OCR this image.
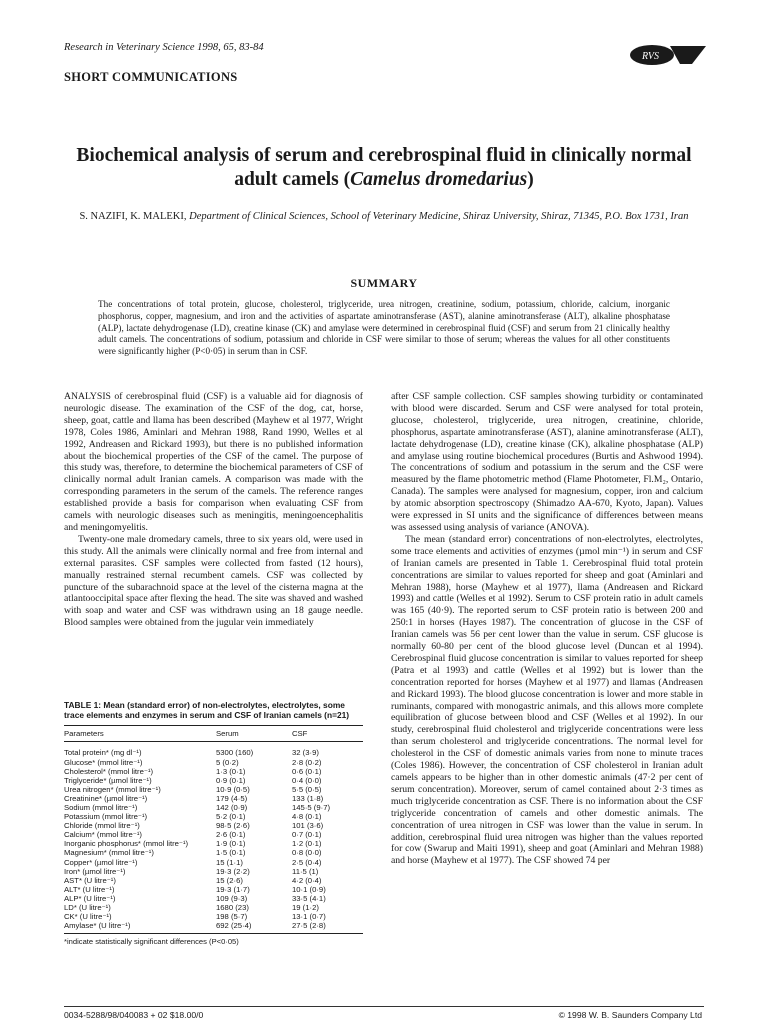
Research in Veterinary Science 1998, 65, 83-84
RVS
SHORT COMMUNICATIONS
Biochemical analysis of serum and cerebrospinal fluid in clinically normal adult camels (Camelus dromedarius)
S. NAZIFI, K. MALEKI, Department of Clinical Sciences, School of Veterinary Medicine, Shiraz University, Shiraz, 71345, P.O. Box 1731, Iran
SUMMARY
The concentrations of total protein, glucose, cholesterol, triglyceride, urea nitrogen, creatinine, sodium, potassium, chloride, calcium, inorganic phosphorus, copper, magnesium, and iron and the activities of aspartate aminotransferase (AST), alanine aminotransferase (ALT), alkaline phosphatase (ALP), lactate dehydrogenase (LD), creatine kinase (CK) and amylase were determined in cerebrospinal fluid (CSF) and serum from 21 clinically healthy adult camels. The concentrations of sodium, potassium and chloride in CSF were similar to those of serum; whereas the values for all other constituents were significantly higher (P<0·05) in serum than in CSF.

ANALYSIS of cerebrospinal fluid (CSF) is a valuable aid for diagnosis of neurologic disease. The examination of the CSF of the dog, cat, horse, sheep, goat, cattle and llama has been described (Mayhew et al 1977, Wright 1978, Coles 1986, Aminlari and Mehran 1988, Rand 1990, Welles et al 1992, Andreasen and Rickard 1993), but there is no published information about the biochemical properties of the CSF of the camel. The purpose of this study was, therefore, to determine the biochemical parameters of CSF of clinically normal adult Iranian camels. A comparison was made with the corresponding parameters in the serum of the camels. The reference ranges established provide a basis for comparison when evaluating CSF from camels with neurologic diseases such as meningitis, meningoencephalitis and meningomyelitis.

Twenty-one male dromedary camels, three to six years old, were used in this study. All the animals were clinically normal and free from internal and external parasites. CSF samples were collected from fasted (12 hours), manually restrained sternal recumbent camels. CSF was collected by puncture of the subarachnoid space at the level of the cisterna magna at the atlantooccipital space after flexing the head. The site was shaved and washed with soap and water and CSF was withdrawn using an 18 gauge needle. Blood samples were obtained from the jugular vein immediately

after CSF sample collection. CSF samples showing turbidity or contaminated with blood were discarded. Serum and CSF were analysed for total protein, glucose, cholesterol, triglyceride, urea nitrogen, creatinine, chloride, phosphorus, aspartate aminotransferase (AST), alanine aminotransferase (ALT), lactate dehydrogenase (LD), creatine kinase (CK), alkaline phosphatase (ALP) and amylase using routine biochemical procedures (Burtis and Ashwood 1994). The concentrations of sodium and potassium in the serum and the CSF were measured by the flame photometric method (Flame Photometer, Fl.M₂, Ontario, Canada). The samples were analysed for magnesium, copper, iron and calcium by atomic absorption spectroscopy (Shimadzo AA-670, Kyoto, Japan). Values were expressed in SI units and the significance of differences between means was assessed using analysis of variance (ANOVA).

The mean (standard error) concentrations of non-electrolytes, electrolytes, some trace elements and activities of enzymes (µmol min⁻¹) in serum and CSF of Iranian camels are presented in Table 1. Cerebrospinal fluid total protein concentrations are similar to values reported for sheep and goat (Aminlari and Mehran 1988), horse (Mayhew et al 1977), llama (Andreasen and Rickard 1993) and cattle (Welles et al 1992). Serum to CSF protein ratio in adult camels was 165 (40·9). The reported serum to CSF protein ratio is between 200 and 250:1 in horses (Hayes 1987). The concentration of glucose in the CSF of Iranian camels was 56 per cent lower than the value in serum. CSF glucose is normally 60-80 per cent of the blood glucose level (Duncan et al 1994). Cerebrospinal fluid glucose concentration is similar to values reported for sheep (Patra et al 1993) and cattle (Welles et al 1992) but is lower than the concentration reported for horses (Mayhew et al 1977) and llamas (Andreasen and Rickard 1993). The blood glucose concentration is lower and more stable in ruminants, compared with monogastric animals, and this allows more complete equilibration of glucose between blood and CSF (Welles et al 1992). In our study, cerebrospinal fluid cholesterol and triglyceride concentrations were less than serum cholesterol and triglyceride concentrations. The normal level for cholesterol in the CSF of domestic animals varies from none to minute traces (Coles 1986). However, the concentration of CSF cholesterol in Iranian adult camels appears to be higher than in other domestic animals (47·2 per cent of serum concentration). Moreover, serum of camel contained about 2·3 times as much triglyceride concentration as CSF. There is no information about the CSF triglyceride concentration of camels and other domestic animals. The concentration of urea nitrogen in CSF was lower than the value in serum. In addition, cerebrospinal fluid urea nitrogen was higher than the values reported for cow (Swarup and Maiti 1991), sheep and goat (Aminlari and Mehran 1988) and horse (Mayhew et al 1977). The CSF showed 74 per

TABLE 1: Mean (standard error) of non-electrolytes, electrolytes, some trace elements and enzymes in serum and CSF of Iranian camels (n=21)
Parameters	Serum	CSF
Total protein* (mg dl⁻¹)	5300 (160)	32 (3·9)
Glucose* (mmol litre⁻¹)	5 (0·2)	2·8 (0·2)
Cholesterol* (mmol litre⁻¹)	1·3 (0·1)	0·6 (0·1)
Triglyceride* (µmol litre⁻¹)	0·9 (0·1)	0·4 (0·0)
Urea nitrogen* (mmol litre⁻¹)	10·9 (0·5)	5·5 (0·5)
Creatinine* (µmol litre⁻¹)	179 (4·5)	133 (1·8)
Sodium (mmol litre⁻¹)	142 (0·9)	145·5 (9·7)
Potassium (mmol litre⁻¹)	5·2 (0·1)	4·8 (0·1)
Chloride (mmol litre⁻¹)	98·5 (2·6)	101 (3·6)
Calcium* (mmol litre⁻¹)	2·6 (0·1)	0·7 (0·1)
Inorganic phosphorus* (mmol litre⁻¹)	1·9 (0·1)	1·2 (0·1)
Magnesium* (mmol litre⁻¹)	1·5 (0·1)	0·8 (0·0)
Copper* (µmol litre⁻¹)	15 (1·1)	2·5 (0·4)
Iron* (µmol litre⁻¹)	19·3 (2·2)	11·5 (1)
AST* (U litre⁻¹)	15 (2·6)	4·2 (0·4)
ALT* (U litre⁻¹)	19·3 (1·7)	10·1 (0·9)
ALP* (U litre⁻¹)	109 (9·3)	33·5 (4·1)
LD* (U litre⁻¹)	1680 (23)	19 (1·2)
CK* (U litre⁻¹)	198 (5·7)	13·1 (0·7)
Amylase* (U litre⁻¹)	692 (25·4)	27·5 (2·8)
*indicate statistically significant differences (P<0·05)
0034-5288/98/040083 + 02 $18.00/0	© 1998 W. B. Saunders Company Ltd
